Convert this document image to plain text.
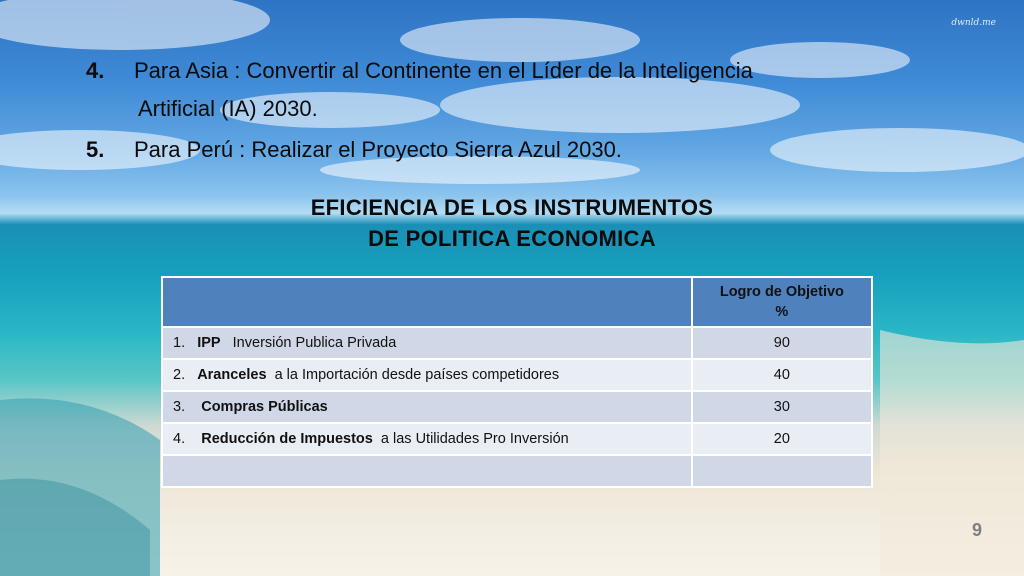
dwnld.me
4. Para Asia : Convertir al Continente en el Líder de la Inteligencia
Artificial (IA) 2030.
5. Para Perú : Realizar el Proyecto Sierra Azul 2030.
EFICIENCIA DE LOS INSTRUMENTOS
DE POLITICA ECONOMICA
	Logro de Objetivo
%
1. IPP Inversión Publica Privada	90
2. Aranceles a la Importación desde países competidores	40
3. Compras Públicas	30
4. Reducción de Impuestos a las Utilidades Pro Inversión	20

9
